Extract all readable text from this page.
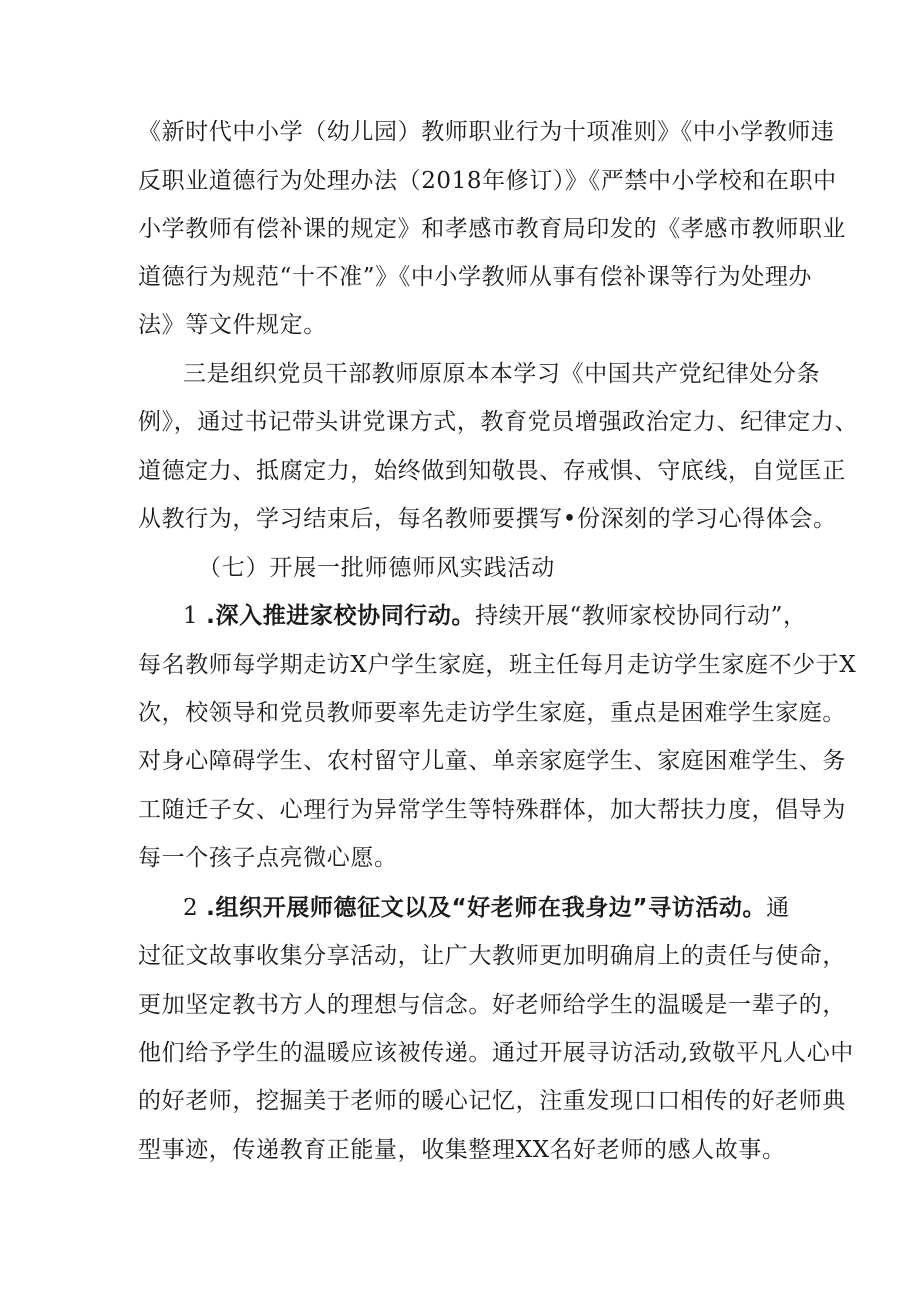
《新时代中小学（幼儿园）教师职业行为十项准则》《中小学教师违

反职业道德行为处理办法（2018年修订）》《严禁中小学校和在职中

小学教师有偿补课的规定》和孝感市教育局印发的《孝感市教师职业

道德行为规范“十不准”》《中小学教师从事有偿补课等行为处理办

法》等文件规定。

三是组织党员干部教师原原本本学习《中国共产党纪律处分条

例》，通过书记带头讲党课方式，教育党员增强政治定力、纪律定力、

道德定力、抵腐定力，始终做到知敬畏、存戒惧、守底线，自觉匡正

从教行为，学习结束后，每名教师要撰写•份深刻的学习心得体会。

（七）开展一批师德师风实践活动

1 .深入推进家校协同行动。持续开展“教师家校协同行动”，

每名教师每学期走访X户学生家庭，班主任每月走访学生家庭不少于X

次，校领导和党员教师要率先走访学生家庭，重点是困难学生家庭。

对身心障碍学生、农村留守儿童、单亲家庭学生、家庭困难学生、务

工随迁子女、心理行为异常学生等特殊群体，加大帮扶力度，倡导为

每一个孩子点亮微心愿。

2 .组织开展师德征文以及“好老师在我身边”寻访活动。通

过征文故事收集分享活动，让广大教师更加明确肩上的责任与使命，

更加坚定教书方人的理想与信念。好老师给学生的温暖是一辈子的，

他们给予学生的温暖应该被传递。通过开展寻访活动,致敬平凡人心中

的好老师，挖掘美于老师的暖心记忆，注重发现口口相传的好老师典

型事迹，传递教育正能量，收集整理XX名好老师的感人故事。
